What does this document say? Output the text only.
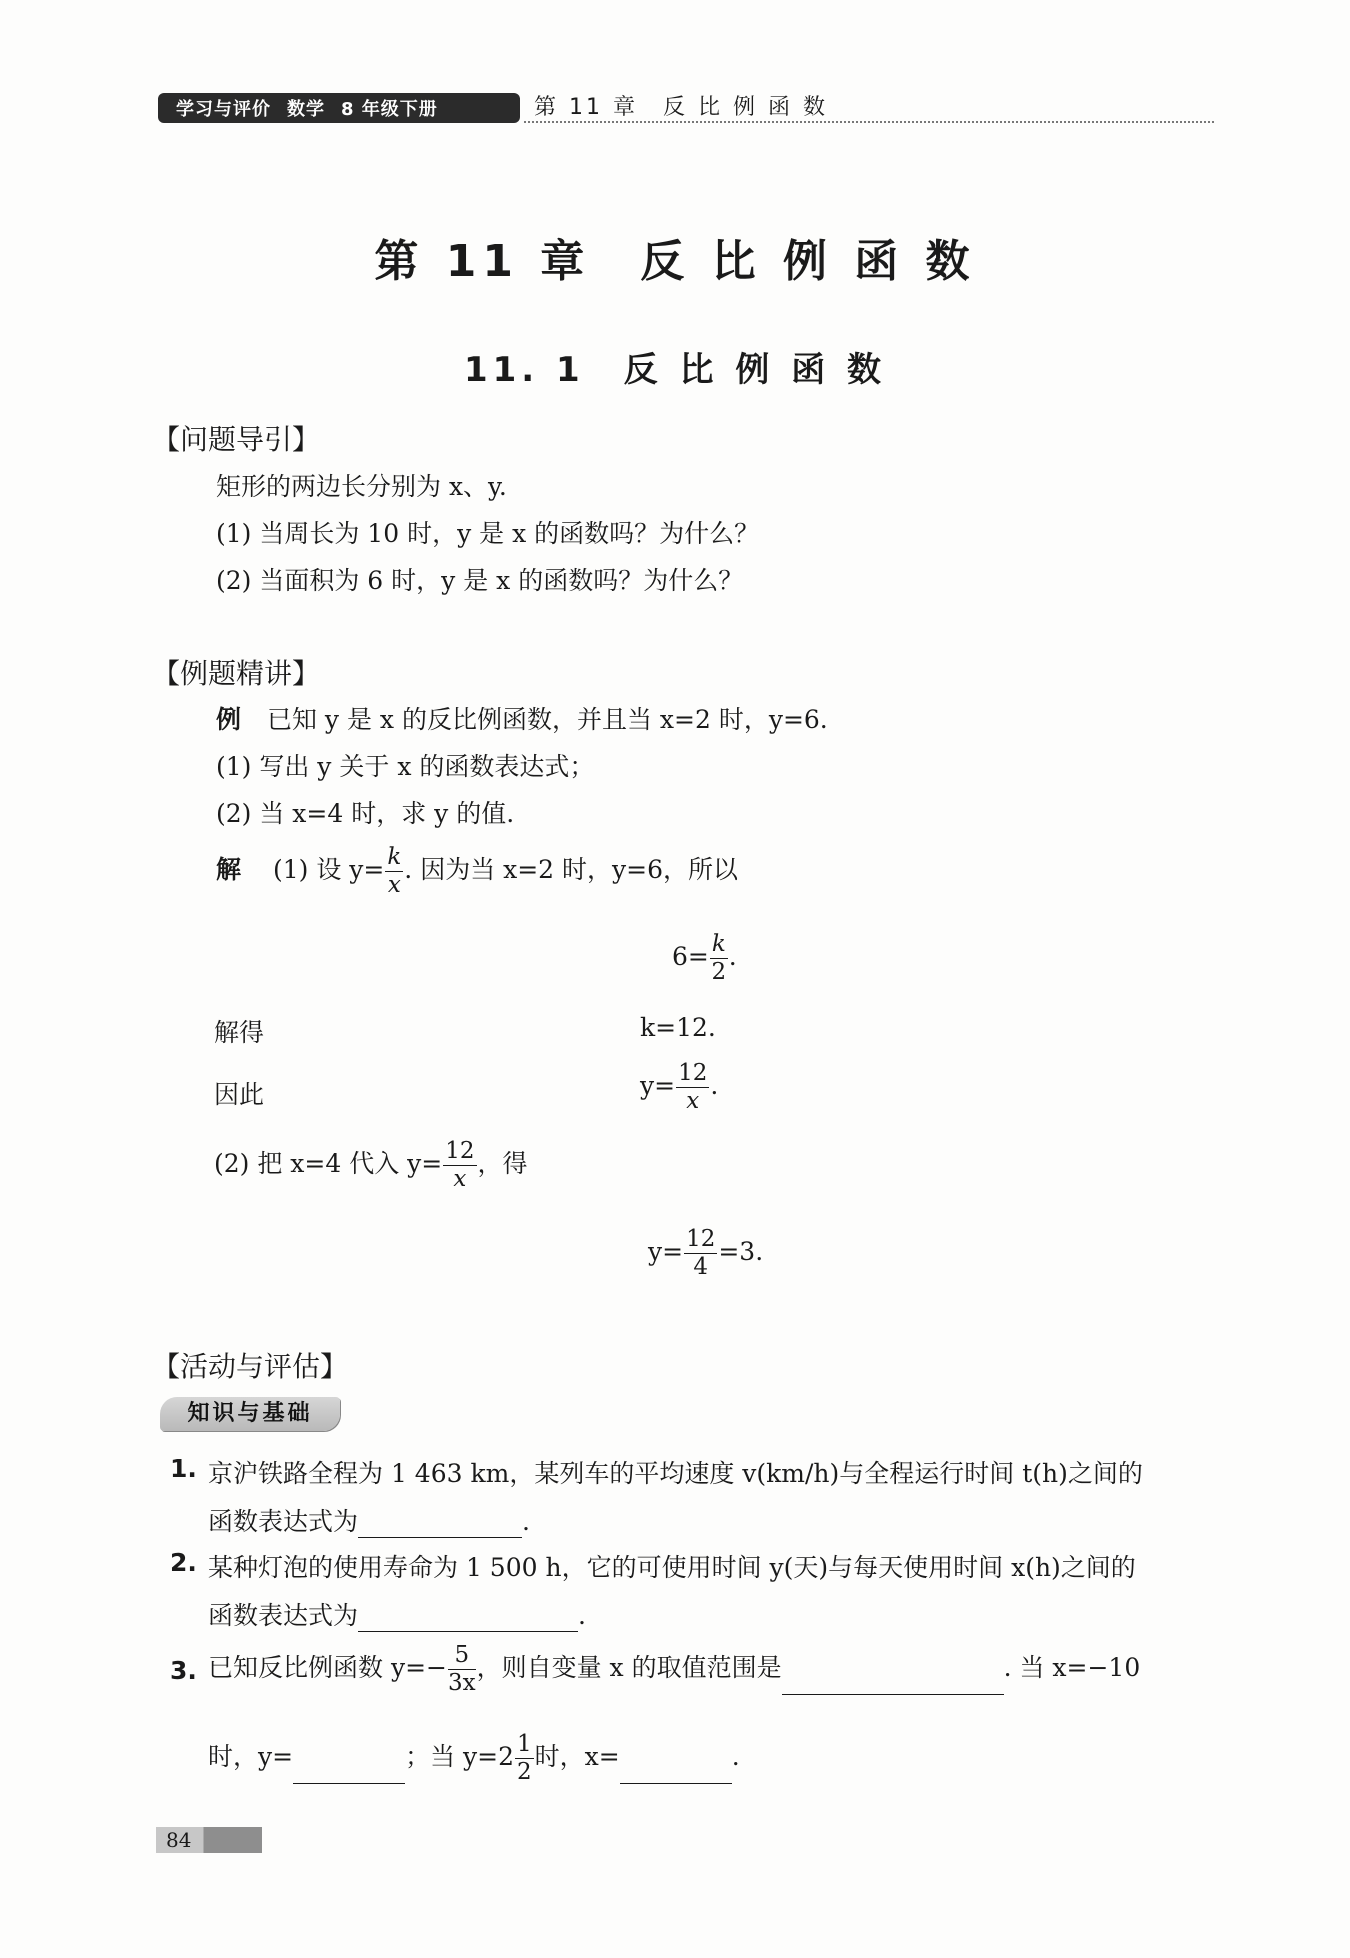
学习与评价 数学 8 年级下册	第 11 章　反 比 例 函 数
第 11 章　反 比 例 函 数
11. 1　反 比 例 函 数
【问题导引】
矩形的两边长分别为 x、y.
(1) 当周长为 10 时，y 是 x 的函数吗？为什么？
(2) 当面积为 6 时，y 是 x 的函数吗？为什么？
【例题精讲】
例 已知 y 是 x 的反比例函数，并且当 x=2 时，y=6.
(1) 写出 y 关于 x 的函数表达式；
(2) 当 x=4 时，求 y 的值.
解 (1) 设 $y= \frac{k}{x}$ . 因为当 x=2 时，y=6，所以
$6= \frac{k}{2}$ .
解得	k=12.
因此	$y= \frac{12}{x}$ .
(2) 把 x=4 代入 $y= \frac{12}{x}$ ，得
$y= \frac{12}{4} =3$.
【活动与评估】
知识与基础
1. 京沪铁路全程为 1 463 km，某列车的平均速度 v(km/h)与全程运行时间 t(h)之间的
函数表达式为	.
2. 某种灯泡的使用寿命为 1 500 h，它的可使用时间 y(天)与每天使用时间 x(h)之间的
函数表达式为	.
3. 已知反比例函数 $y=- \frac{5}{3x}$ ，则自变量 x 的取值范围是	. 当 x=−10
时，y=	；当 $y=2 \frac{1}{2}$ 时，x=	.
84
